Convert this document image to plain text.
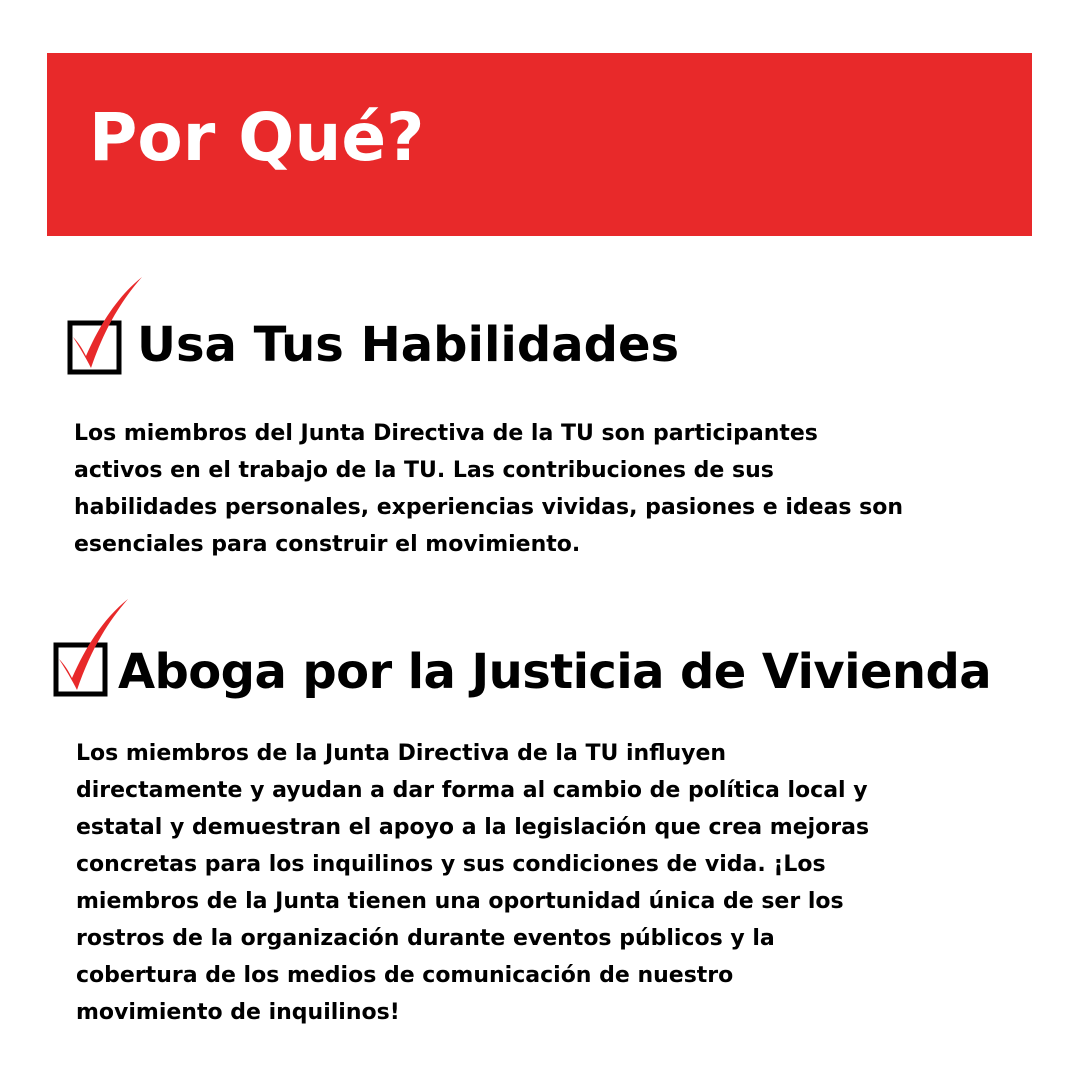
Por Qué?
Usa Tus Habilidades
Los miembros del Junta Directiva de la TU son participantes
activos en el trabajo de la TU. Las contribuciones de sus
habilidades personales, experiencias vividas, pasiones e ideas son
esenciales para construir el movimiento.
Aboga por la Justicia de Vivienda
Los miembros de la Junta Directiva de la TU influyen
directamente y ayudan a dar forma al cambio de política local y
estatal y demuestran el apoyo a la legislación que crea mejoras
concretas para los inquilinos y sus condiciones de vida. ¡Los
miembros de la Junta tienen una oportunidad única de ser los
rostros de la organización durante eventos públicos y la
cobertura de los medios de comunicación de nuestro
movimiento de inquilinos!
